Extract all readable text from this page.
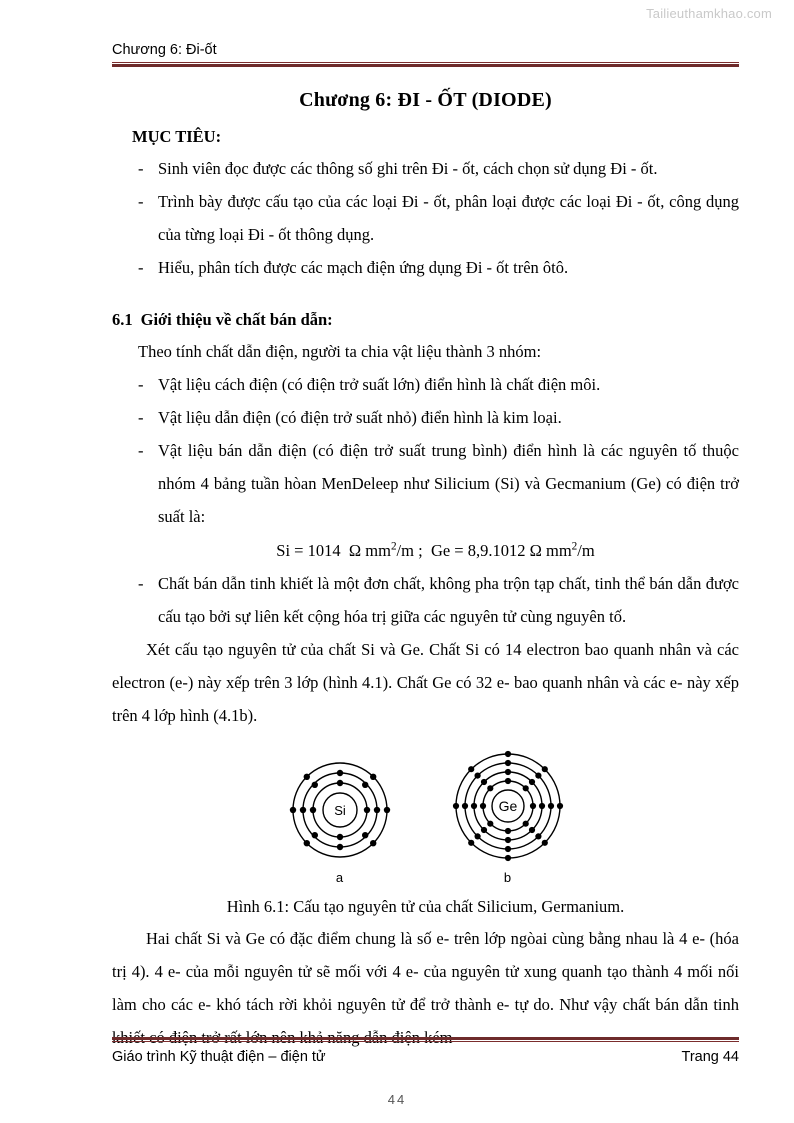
Tailieuthamkhao.com
Chương 6: Đi-ốt
Chương 6: ĐI - ỐT (DIODE)
MỤC TIÊU:
- Sinh viên đọc được các thông số ghi trên Đi - ốt, cách chọn sử dụng Đi - ốt.
- Trình bày được cấu tạo của các loại Đi - ốt, phân loại được các loại Đi - ốt, công dụng của từng loại Đi - ốt thông dụng.
- Hiểu, phân tích được các mạch điện ứng dụng Đi - ốt trên ôtô.
6.1 Giới thiệu về chất bán dẫn:

Theo tính chất dẫn điện, người ta chia vật liệu thành 3 nhóm:

- Vật liệu cách điện (có điện trở suất lớn) điển hình là chất điện môi.
- Vật liệu dẫn điện (có điện trở suất nhỏ) điển hình là kim loại.
- Vật liệu bán dẫn điện (có điện trở suất trung bình) điển hình là các nguyên tố thuộc nhóm 4 bảng tuần hòan MenDeleep như Silicium (Si) và Gecmanium (Ge) có điện trở suất là:

Si = 1014 Ω $mm^2/m$ ; Ge = 8,9.1012 Ω $mm^2/m$

- Chất bán dẫn tinh khiết là một đơn chất, không pha trộn tạp chất, tinh thể bán dẫn được cấu tạo bởi sự liên kết cộng hóa trị giữa các nguyên tử cùng nguyên tố.

Xét cấu tạo nguyên tử của chất Si và Ge. Chất Si có 14 electron bao quanh nhân và các electron (e-) này xếp trên 3 lớp (hình 4.1). Chất Ge có 32 e- bao quanh nhân và các e- này xếp trên 4 lớp hình (4.1b).

Si
a
Ge
b

Hình 6.1: Cấu tạo nguyên tử của chất Silicium, Germanium.

Hai chất Si và Ge có đặc điểm chung là số e- trên lớp ngòai cùng bằng nhau là 4 e- (hóa trị 4). 4 e- của mỗi nguyên tử sẽ mối với 4 e- của nguyên tử xung quanh tạo thành 4 mối nối làm cho các e- khó tách rời khỏi nguyên tử để trở thành e- tự do. Như vậy chất bán dẫn tinh khiết có điện trở rất lớn nên khả năng dẫn điện kém

Giáo trình Kỹ thuật điện – điện tử	Trang 44
44
